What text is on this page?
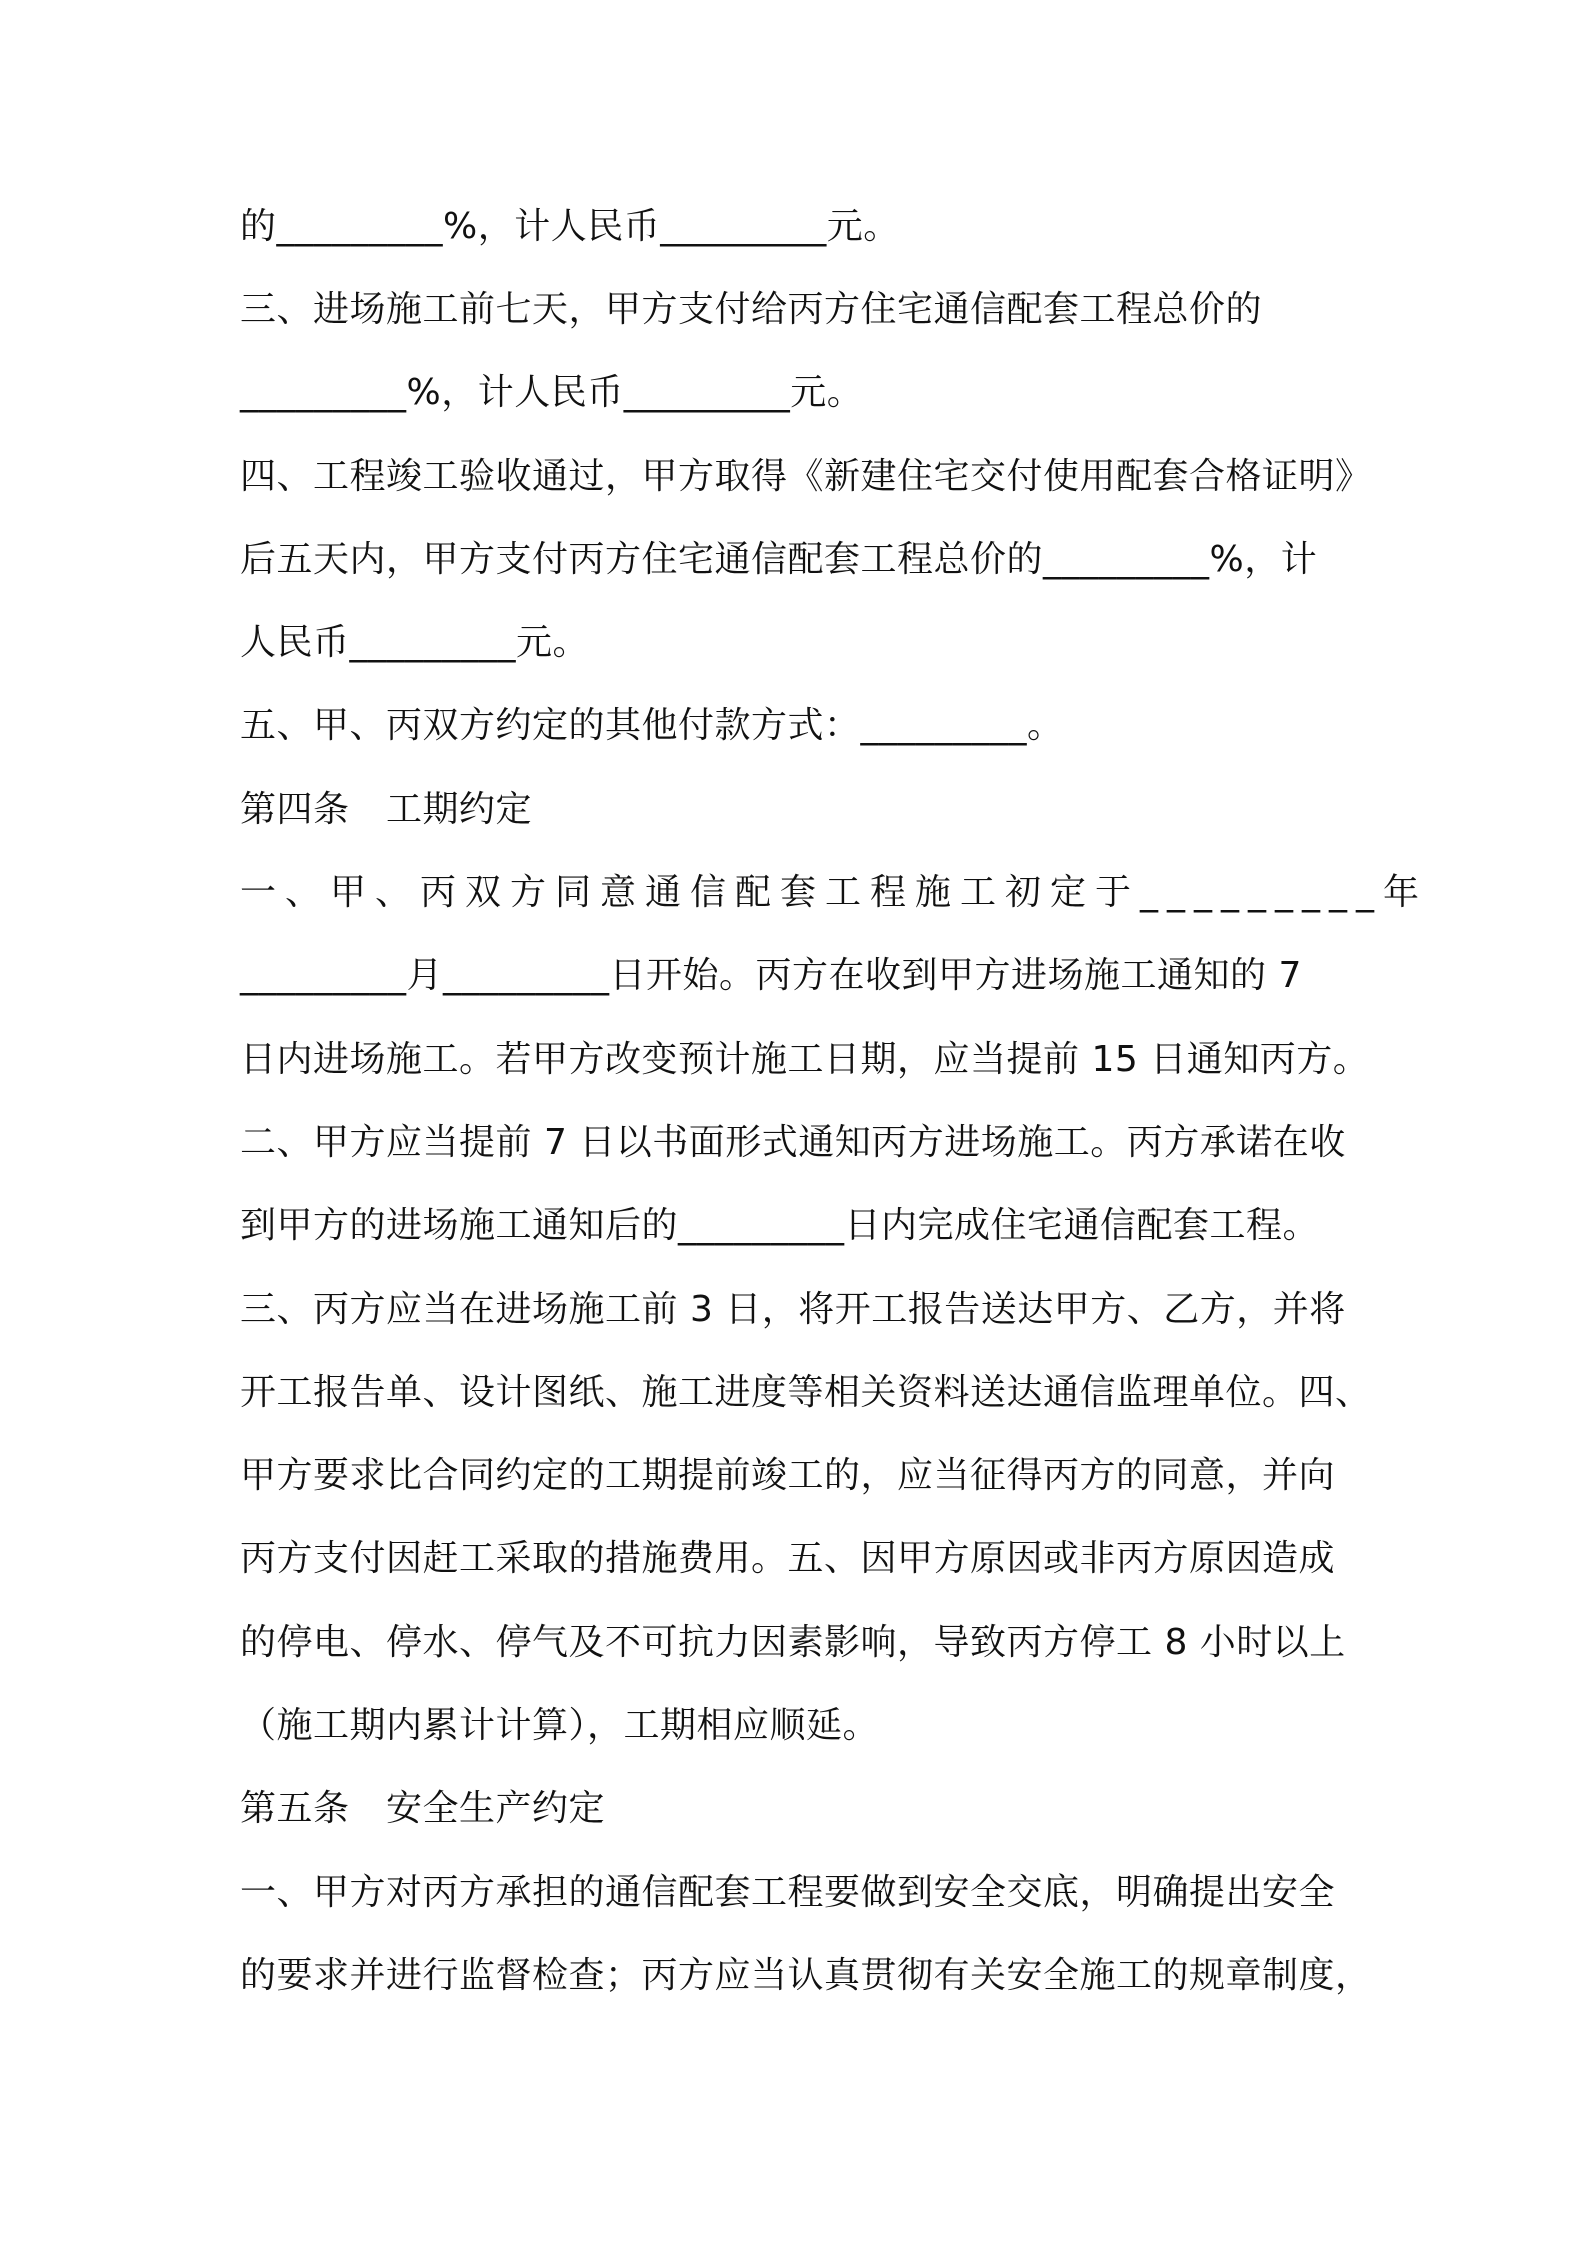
的_________%，计人民币_________元。
三、进场施工前七天，甲方支付给丙方住宅通信配套工程总价的
_________%，计人民币_________元。
四、工程竣工验收通过，甲方取得《新建住宅交付使用配套合格证明》
后五天内，甲方支付丙方住宅通信配套工程总价的_________%，计
人民币_________元。
五、甲、丙双方约定的其他付款方式：_________。
第四条　工期约定
一、甲、丙双方同意通信配套工程施工初定于_________年
_________月_________日开始。丙方在收到甲方进场施工通知的 7
日内进场施工。若甲方改变预计施工日期，应当提前 15 日通知丙方。
二、甲方应当提前 7 日以书面形式通知丙方进场施工。丙方承诺在收
到甲方的进场施工通知后的_________日内完成住宅通信配套工程。
三、丙方应当在进场施工前 3 日，将开工报告送达甲方、乙方，并将
开工报告单、设计图纸、施工进度等相关资料送达通信监理单位。四、
甲方要求比合同约定的工期提前竣工的，应当征得丙方的同意，并向
丙方支付因赶工采取的措施费用。五、因甲方原因或非丙方原因造成
的停电、停水、停气及不可抗力因素影响，导致丙方停工 8 小时以上
（施工期内累计计算），工期相应顺延。
第五条　安全生产约定
一、甲方对丙方承担的通信配套工程要做到安全交底，明确提出安全
的要求并进行监督检查；丙方应当认真贯彻有关安全施工的规章制度，
